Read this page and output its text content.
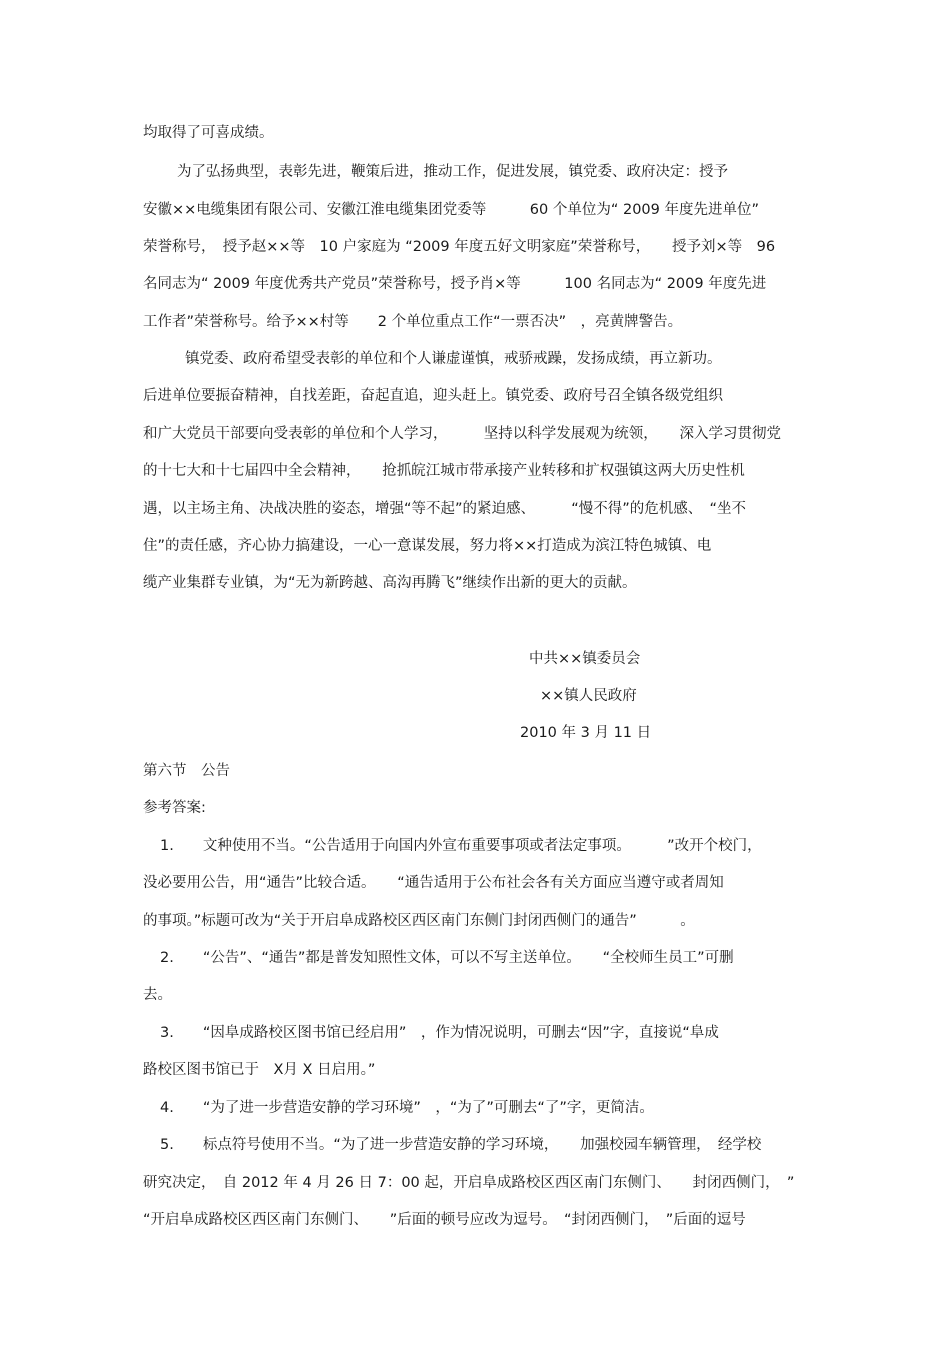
均取得了可喜成绩。

为了弘扬典型，表彰先进，鞭策后进，推动工作，促进发展，镇党委、政府决定：授予

安徽××电缆集团有限公司、安徽江淮电缆集团党委等　　　60 个单位为“ 2009 年度先进单位”

荣誉称号，　授予赵××等　10 户家庭为 “2009 年度五好文明家庭”荣誉称号，　　授予刘×等　96

名同志为“ 2009 年度优秀共产党员”荣誉称号，授予肖×等　　　100 名同志为“ 2009 年度先进

工作者”荣誉称号。给予××村等　　2 个单位重点工作“一票否决”　，亮黄牌警告。

镇党委、政府希望受表彰的单位和个人谦虚谨慎，戒骄戒躁，发扬成绩，再立新功。

后进单位要振奋精神，自找差距，奋起直追，迎头赶上。镇党委、政府号召全镇各级党组织

和广大党员干部要向受表彰的单位和个人学习，　　　坚持以科学发展观为统领，　　深入学习贯彻党

的十七大和十七届四中全会精神，　　抢抓皖江城市带承接产业转移和扩权强镇这两大历史性机

遇，以主场主角、决战决胜的姿态，增强“等不起”的紧迫感、　　　“慢不得”的危机感、　“坐不

住”的责任感，齐心协力搞建设，一心一意谋发展，努力将××打造成为滨江特色城镇、电

缆产业集群专业镇，为“无为新跨越、高沟再腾飞”继续作出新的更大的贡献。

中共××镇委员会

××镇人民政府

2010 年 3 月 11 日

第六节　公告

参考答案:

1.　　文种使用不当。“公告适用于向国内外宣布重要事项或者法定事项。　　　”改开个校门，

没必要用公告，用“通告”比较合适。　　“通告适用于公布社会各有关方面应当遵守或者周知

的事项。”标题可改为“关于开启阜成路校区西区南门东侧门封闭西侧门的通告”　　　。

2.　　“公告”、“通告”都是普发知照性文体，可以不写主送单位。　　“全校师生员工”可删

去。

3.　　“因阜成路校区图书馆已经启用”　，作为情况说明，可删去“因”字，直接说“阜成

路校区图书馆已于　X月 X 日启用。”

4.　　“为了进一步营造安静的学习环境”　，“为了”可删去“了”字，更简洁。

5.　　标点符号使用不当。“为了进一步营造安静的学习环境，　　加强校园车辆管理，　经学校

研究决定，　自 2012 年 4 月 26 日 7：00 起，开启阜成路校区西区南门东侧门、　　封闭西侧门，　”

“开启阜成路校区西区南门东侧门、　　”后面的顿号应改为逗号。　“封闭西侧门，　”后面的逗号
